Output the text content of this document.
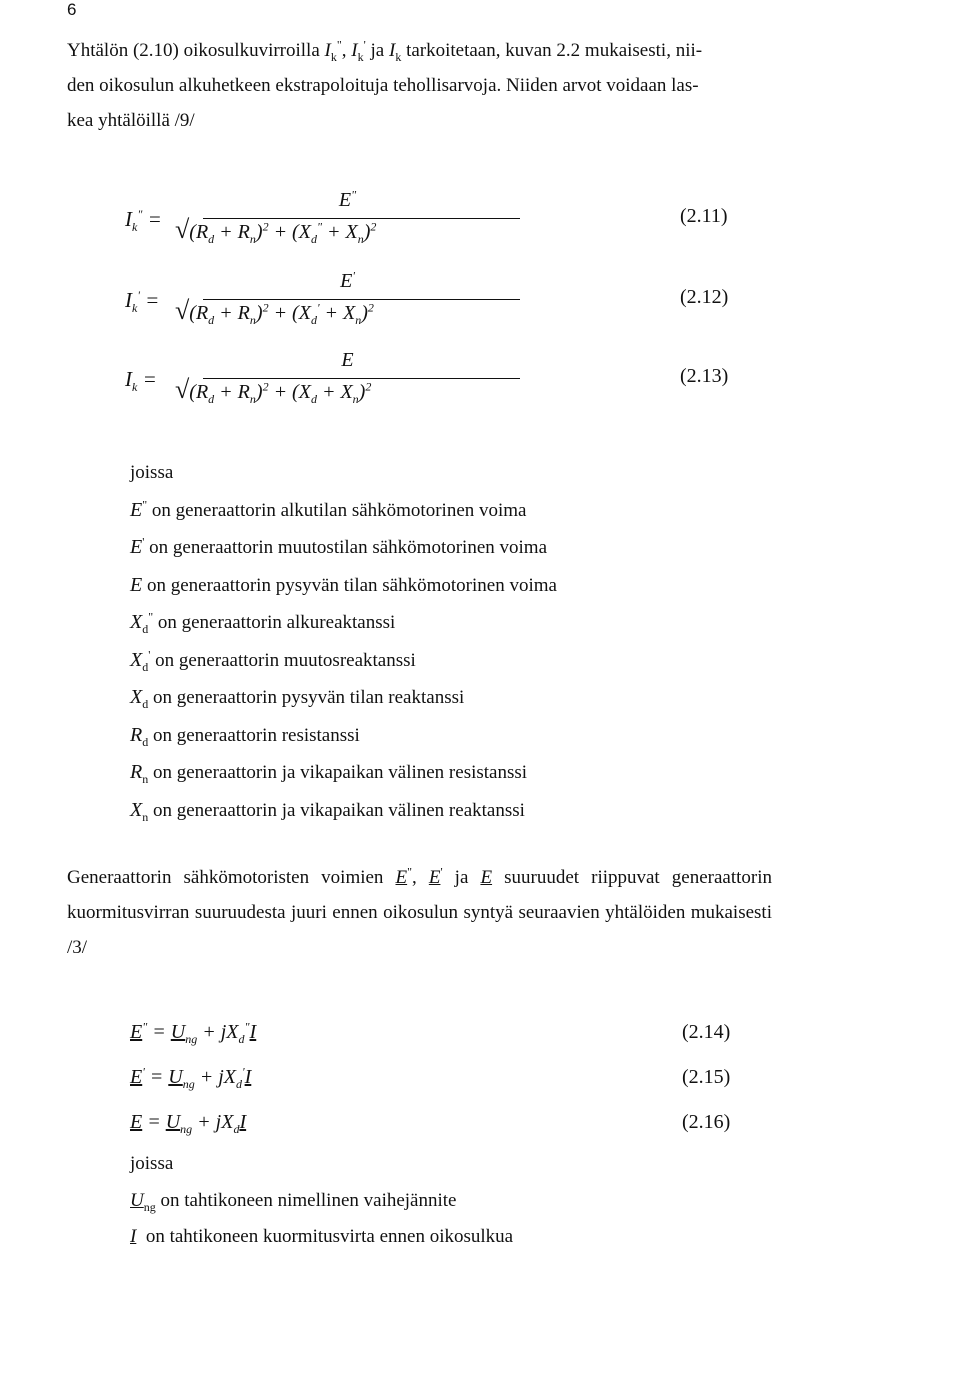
6
Yhtälön (2.10) oikosulkuvirroilla $I_k^"$, $I_k'$ ja $I_k$ tarkoitetaan, kuvan 2.2 mukaisesti, nii-
den oikosulun alkuhetkeen ekstrapoloituja tehollisarvoja. Niiden arvot voidaan las-
kea yhtälöillä /9/
$I_k^"$ =
E"
$√(R_d + R_n)^2 + (X_d^" + X_n)^2$	(2.11)
$I_k'$ =
E'
$√(R_d + R_n)^2 + (X_d' + X_n)^2$	(2.12)
$I_k$ =
E
$√(R_d + R_n)^2 + (X_d + X_n)^2$	(2.13)
joissa
E" on generaattorin alkutilan sähkömotorinen voima
E' on generaattorin muutostilan sähkömotorinen voima
E on generaattorin pysyvän tilan sähkömotorinen voima
$X_d^"$ on generaattorin alkureaktanssi
$X_d'$ on generaattorin muutosreaktanssi
$X_d$ on generaattorin pysyvän tilan reaktanssi
$R_d$ on generaattorin resistanssi
$R_n$ on generaattorin ja vikapaikan välinen resistanssi
$X_n$ on generaattorin ja vikapaikan välinen reaktanssi
Generaattorin sähkömotoristen voimien E", E' ja E suuruudet riippuvat generaattorin kuormitusvirran suuruudesta juuri ennen oikosulun syntyä seuraavien yhtälöiden mukaisesti /3/
$E^" = U_{ng} + jX_d^"I$	(2.14)
$E' = U_{ng} + jX_d'I$	(2.15)
$E = U_{ng} + jX_dI$	(2.16)
joissa
$U_{ng}$ on tahtikoneen nimellinen vaihejännite
I  on tahtikoneen kuormitusvirta ennen oikosulkua
